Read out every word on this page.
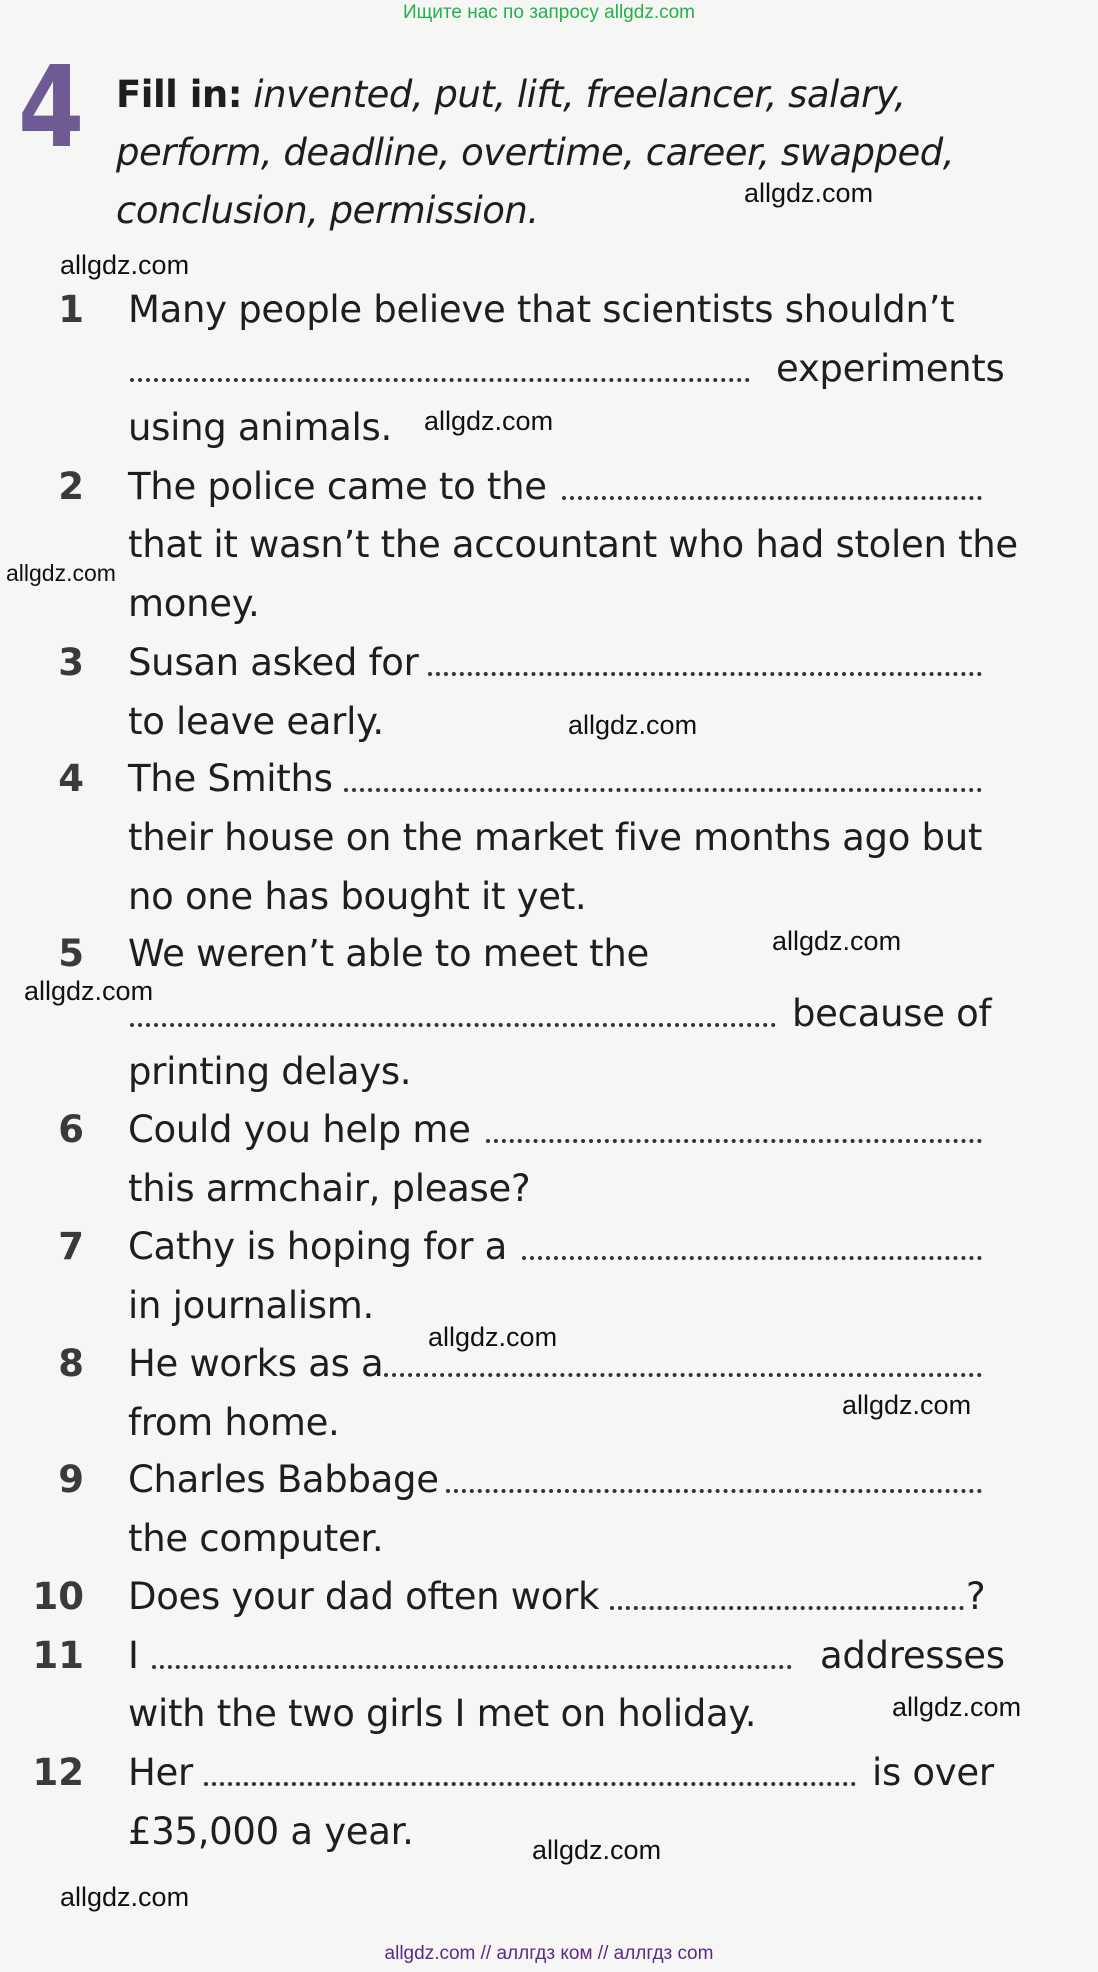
Ищите нас по запросу allgdz.com
4 Fill in: invented, put, lift, freelancer, salary,
perform, deadline, overtime, career, swapped,
conclusion, permission.
1 Many people believe that scientists shouldn’t
experiments
using animals.
2 The police came to the
that it wasn’t the accountant who had stolen the
money.
3 Susan asked for
to leave early.
4 The Smiths
their house on the market five months ago but
no one has bought it yet.
5 We weren’t able to meet the
because of
printing delays.
6 Could you help me
this armchair, please?
7 Cathy is hoping for a
in journalism.
8 He works as a
from home.
9 Charles Babbage
the computer.
10 Does your dad often work	?
11 I	addresses
with the two girls I met on holiday.
12 Her	is over
£35,000 a year.
allgdz.com
allgdz.com
allgdz.com
allgdz.com
allgdz.com
allgdz.com
allgdz.com
allgdz.com
allgdz.com
allgdz.com
allgdz.com
allgdz.com
allgdz.com // аллгдз ком // аллгдз com
